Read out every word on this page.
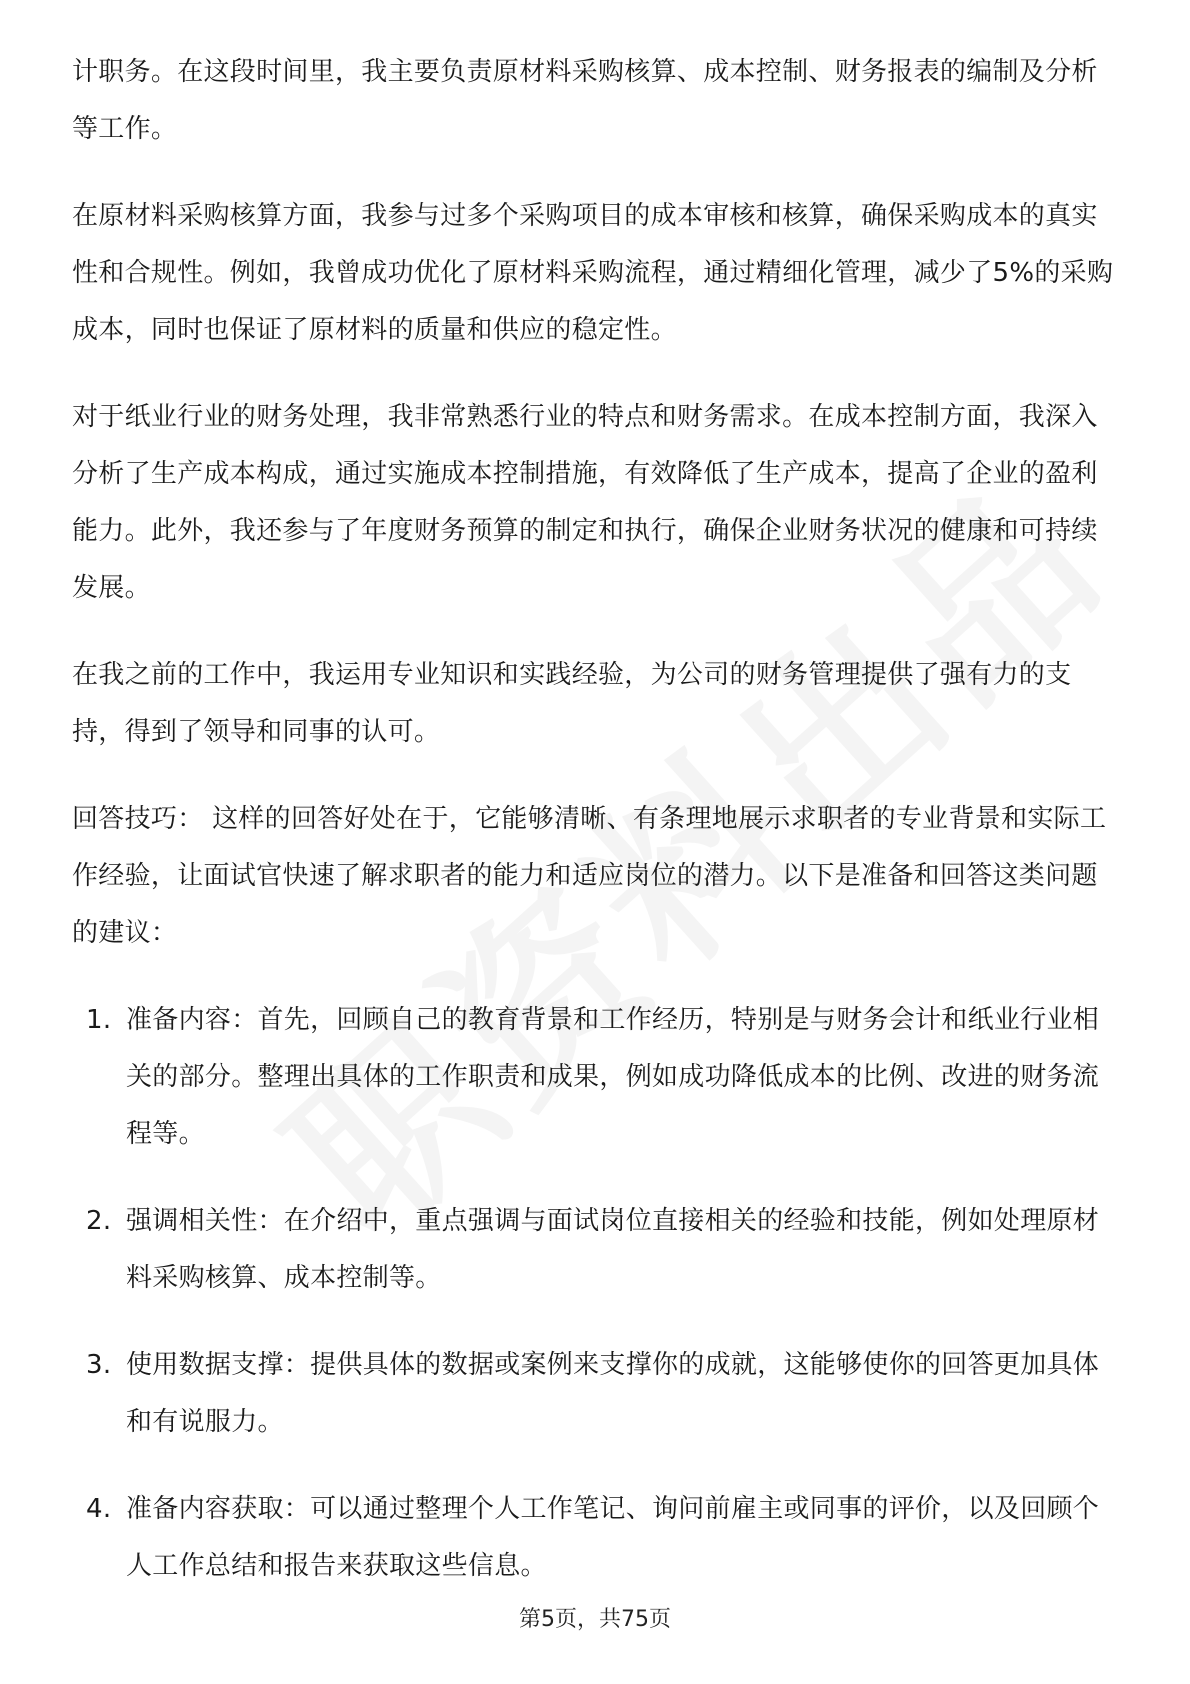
计职务。在这段时间里，我主要负责原材料采购核算、成本控制、财务报表的编制及分析等工作。

在原材料采购核算方面，我参与过多个采购项目的成本审核和核算，确保采购成本的真实性和合规性。例如，我曾成功优化了原材料采购流程，通过精细化管理，减少了5%的采购成本，同时也保证了原材料的质量和供应的稳定性。

对于纸业行业的财务处理，我非常熟悉行业的特点和财务需求。在成本控制方面，我深入分析了生产成本构成，通过实施成本控制措施，有效降低了生产成本，提高了企业的盈利能力。此外，我还参与了年度财务预算的制定和执行，确保企业财务状况的健康和可持续发展。

在我之前的工作中，我运用专业知识和实践经验，为公司的财务管理提供了强有力的支持，得到了领导和同事的认可。

回答技巧： 这样的回答好处在于，它能够清晰、有条理地展示求职者的专业背景和实际工作经验，让面试官快速了解求职者的能力和适应岗位的潜力。以下是准备和回答这类问题的建议：

1. 准备内容：首先，回顾自己的教育背景和工作经历，特别是与财务会计和纸业行业相关的部分。整理出具体的工作职责和成果，例如成功降低成本的比例、改进的财务流程等。
2. 强调相关性：在介绍中，重点强调与面试岗位直接相关的经验和技能，例如处理原材料采购核算、成本控制等。
3. 使用数据支撑：提供具体的数据或案例来支撑你的成就，这能够使你的回答更加具体和有说服力。
4. 准备内容获取：可以通过整理个人工作笔记、询问前雇主或同事的评价，以及回顾个人工作总结和报告来获取这些信息。
第5页，共75页
